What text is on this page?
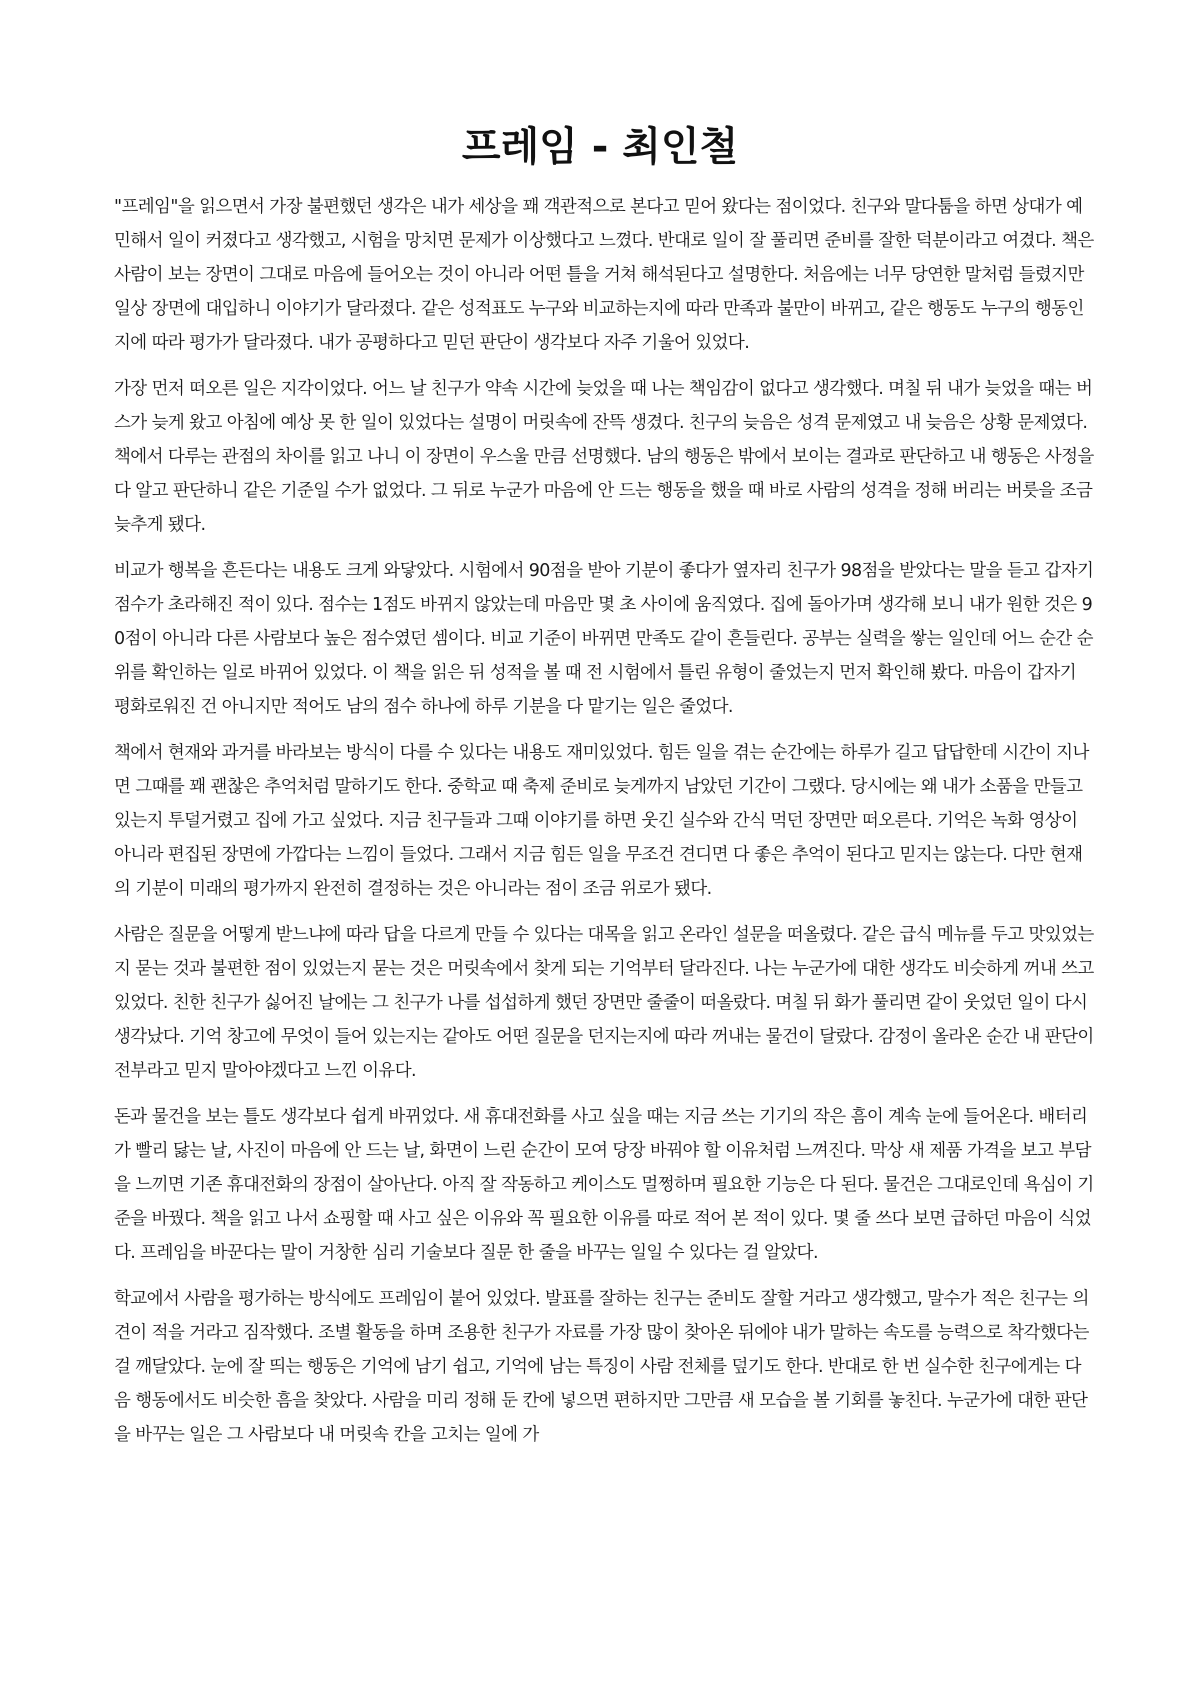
프레임 - 최인철

"프레임"을 읽으면서 가장 불편했던 생각은 내가 세상을 꽤 객관적으로 본다고 믿어 왔다는 점이었다. 친구와 말다툼을 하면 상대가 예민해서 일이 커졌다고 생각했고, 시험을 망치면 문제가 이상했다고 느꼈다. 반대로 일이 잘 풀리면 준비를 잘한 덕분이라고 여겼다. 책은 사람이 보는 장면이 그대로 마음에 들어오는 것이 아니라 어떤 틀을 거쳐 해석된다고 설명한다. 처음에는 너무 당연한 말처럼 들렸지만 일상 장면에 대입하니 이야기가 달라졌다. 같은 성적표도 누구와 비교하는지에 따라 만족과 불만이 바뀌고, 같은 행동도 누구의 행동인지에 따라 평가가 달라졌다. 내가 공평하다고 믿던 판단이 생각보다 자주 기울어 있었다.

가장 먼저 떠오른 일은 지각이었다. 어느 날 친구가 약속 시간에 늦었을 때 나는 책임감이 없다고 생각했다. 며칠 뒤 내가 늦었을 때는 버스가 늦게 왔고 아침에 예상 못 한 일이 있었다는 설명이 머릿속에 잔뜩 생겼다. 친구의 늦음은 성격 문제였고 내 늦음은 상황 문제였다. 책에서 다루는 관점의 차이를 읽고 나니 이 장면이 우스울 만큼 선명했다. 남의 행동은 밖에서 보이는 결과로 판단하고 내 행동은 사정을 다 알고 판단하니 같은 기준일 수가 없었다. 그 뒤로 누군가 마음에 안 드는 행동을 했을 때 바로 사람의 성격을 정해 버리는 버릇을 조금 늦추게 됐다.

비교가 행복을 흔든다는 내용도 크게 와닿았다. 시험에서 90점을 받아 기분이 좋다가 옆자리 친구가 98점을 받았다는 말을 듣고 갑자기 점수가 초라해진 적이 있다. 점수는 1점도 바뀌지 않았는데 마음만 몇 초 사이에 움직였다. 집에 돌아가며 생각해 보니 내가 원한 것은 90점이 아니라 다른 사람보다 높은 점수였던 셈이다. 비교 기준이 바뀌면 만족도 같이 흔들린다. 공부는 실력을 쌓는 일인데 어느 순간 순위를 확인하는 일로 바뀌어 있었다. 이 책을 읽은 뒤 성적을 볼 때 전 시험에서 틀린 유형이 줄었는지 먼저 확인해 봤다. 마음이 갑자기 평화로워진 건 아니지만 적어도 남의 점수 하나에 하루 기분을 다 맡기는 일은 줄었다.

책에서 현재와 과거를 바라보는 방식이 다를 수 있다는 내용도 재미있었다. 힘든 일을 겪는 순간에는 하루가 길고 답답한데 시간이 지나면 그때를 꽤 괜찮은 추억처럼 말하기도 한다. 중학교 때 축제 준비로 늦게까지 남았던 기간이 그랬다. 당시에는 왜 내가 소품을 만들고 있는지 투덜거렸고 집에 가고 싶었다. 지금 친구들과 그때 이야기를 하면 웃긴 실수와 간식 먹던 장면만 떠오른다. 기억은 녹화 영상이 아니라 편집된 장면에 가깝다는 느낌이 들었다. 그래서 지금 힘든 일을 무조건 견디면 다 좋은 추억이 된다고 믿지는 않는다. 다만 현재의 기분이 미래의 평가까지 완전히 결정하는 것은 아니라는 점이 조금 위로가 됐다.

사람은 질문을 어떻게 받느냐에 따라 답을 다르게 만들 수 있다는 대목을 읽고 온라인 설문을 떠올렸다. 같은 급식 메뉴를 두고 맛있었는지 묻는 것과 불편한 점이 있었는지 묻는 것은 머릿속에서 찾게 되는 기억부터 달라진다. 나는 누군가에 대한 생각도 비슷하게 꺼내 쓰고 있었다. 친한 친구가 싫어진 날에는 그 친구가 나를 섭섭하게 했던 장면만 줄줄이 떠올랐다. 며칠 뒤 화가 풀리면 같이 웃었던 일이 다시 생각났다. 기억 창고에 무엇이 들어 있는지는 같아도 어떤 질문을 던지는지에 따라 꺼내는 물건이 달랐다. 감정이 올라온 순간 내 판단이 전부라고 믿지 말아야겠다고 느낀 이유다.

돈과 물건을 보는 틀도 생각보다 쉽게 바뀌었다. 새 휴대전화를 사고 싶을 때는 지금 쓰는 기기의 작은 흠이 계속 눈에 들어온다. 배터리가 빨리 닳는 날, 사진이 마음에 안 드는 날, 화면이 느린 순간이 모여 당장 바꿔야 할 이유처럼 느껴진다. 막상 새 제품 가격을 보고 부담을 느끼면 기존 휴대전화의 장점이 살아난다. 아직 잘 작동하고 케이스도 멀쩡하며 필요한 기능은 다 된다. 물건은 그대로인데 욕심이 기준을 바꿨다. 책을 읽고 나서 쇼핑할 때 사고 싶은 이유와 꼭 필요한 이유를 따로 적어 본 적이 있다. 몇 줄 쓰다 보면 급하던 마음이 식었다. 프레임을 바꾼다는 말이 거창한 심리 기술보다 질문 한 줄을 바꾸는 일일 수 있다는 걸 알았다.

학교에서 사람을 평가하는 방식에도 프레임이 붙어 있었다. 발표를 잘하는 친구는 준비도 잘할 거라고 생각했고, 말수가 적은 친구는 의견이 적을 거라고 짐작했다. 조별 활동을 하며 조용한 친구가 자료를 가장 많이 찾아온 뒤에야 내가 말하는 속도를 능력으로 착각했다는 걸 깨달았다. 눈에 잘 띄는 행동은 기억에 남기 쉽고, 기억에 남는 특징이 사람 전체를 덮기도 한다. 반대로 한 번 실수한 친구에게는 다음 행동에서도 비슷한 흠을 찾았다. 사람을 미리 정해 둔 칸에 넣으면 편하지만 그만큼 새 모습을 볼 기회를 놓친다. 누군가에 대한 판단을 바꾸는 일은 그 사람보다 내 머릿속 칸을 고치는 일에 가
